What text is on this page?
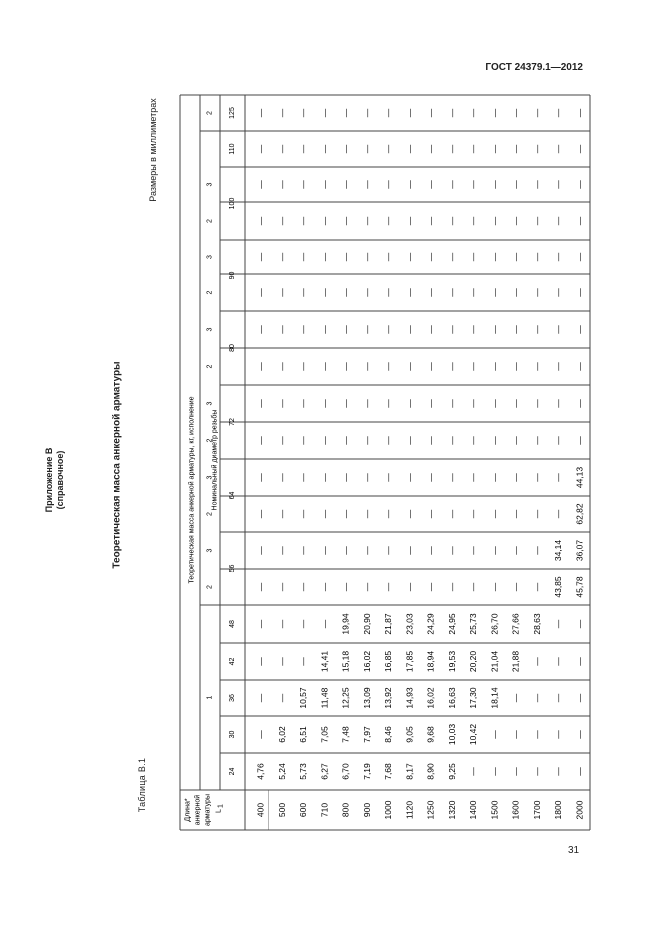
ГОСТ 24379.1—2012
31
Приложение В (справочное)	Теоретическая масса анкерной арматуры
Таблица В.1
Размеры в миллиметрах
1
2
3
2
3
2
3
2
3
2
3
2
3
2
Теоретическая масса анкерной арматуры, кг, исполнение Номинальный диаметр резьбы
24
30
36
42
48
56
64
72
80
90
100
110
125
Длина* анкерной арматуры L
1	400
4,76
—
—
—
—
—
—
—
—
—
—
—
—
—
—
—
—
—
—
500
5,24
6,02
—
—
—
—
—
—
—
—
—
—
—
—
—
—
—
—
—
600
5,73
6,51
10,57
—
—
—
—
—
—
—
—
—
—
—
—
—
—
—
—
710
6,27
7,05
11,48
14,41
—
—
—
—
—
—
—
—
—
—
—
—
—
—
—
800
6,70
7,48
12,25
15,18
19,94
—
—
—
—
—
—
—
—
—
—
—
—
—
—
900
7,19
7,97
13,09
16,02
20,90
—
—
—
—
—
—
—
—
—
—
—
—
—
—
1000
7,68
8,46
13,92
16,85
21,87
—
—
—
—
—
—
—
—
—
—
—
—
—
—
1120
8,17
9,05
14,93
17,85
23,03
—
—
—
—
—
—
—
—
—
—
—
—
—
—
1250
8,90
9,68
16,02
18,94
24,29
—
—
—
—
—
—
—
—
—
—
—
—
—
—
1320
9,25
10,03
16,63
19,53
24,95
—
—
—
—
—
—
—
—
—
—
—
—
—
—
1400
—
10,42
17,30
20,20
25,73
—
—
—
—
—
—
—
—
—
—
—
—
—
—
1500
—
—
18,14
21,04
26,70
—
—
—
—
—
—
—
—
—
—
—
—
—
—
1600
—
—
—
21,88
27,66
—
—
—
—
—
—
—
—
—
—
—
—
—
—
1700
—
—
—
—
28,63
—
—
—
—
—
—
—
—
—
—
—
—
—
—
1800
—
—
—
—
—
43,85
34,14
—
—
—
—
—
—
—
—
—
—
—
—
2000
—
—
—
—
—
45,78
36,07
62,82
44,13
—
—
—
—
—
—
—
—
—
—
